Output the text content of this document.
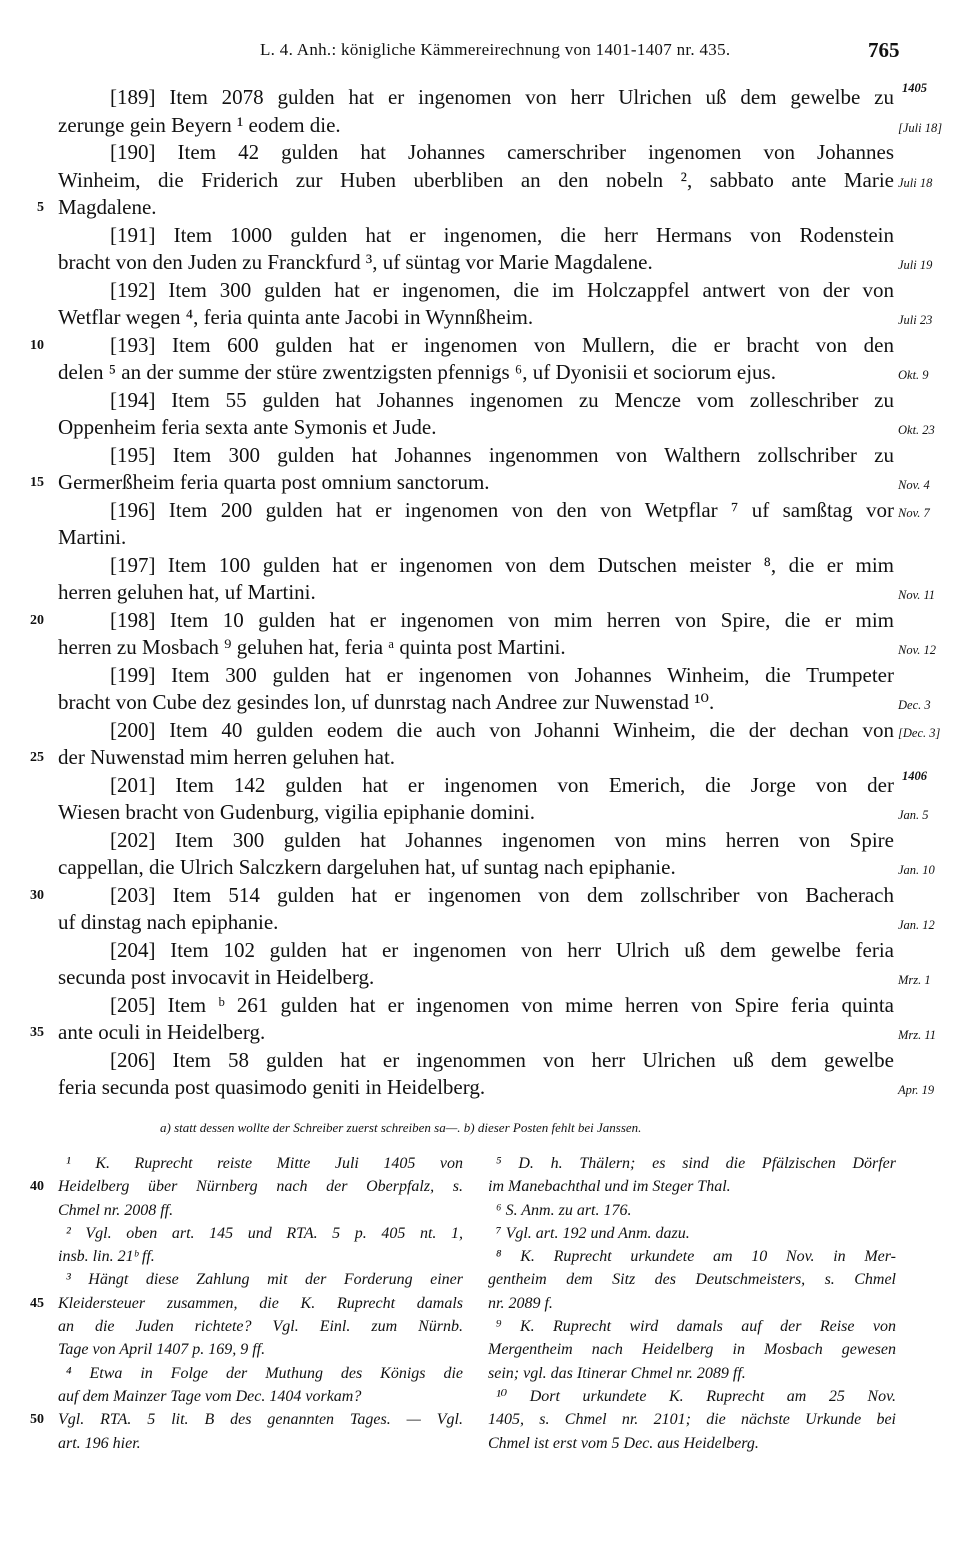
L. 4. Anh.: königliche Kämmereirechnung von 1401-1407 nr. 435.	765
[189] Item 2078 gulden hat er ingenomen von herr Ulrichen uß dem gewelbe zu 1405
zerunge gein Beyern ¹ eodem die.	[Juli 18]
[190] Item 42 gulden hat Johannes camerschriber ingenomen von Johannes
Winheim, die Friderich zur Huben uberbliben an den nobeln ², sabbato ante Marie Juli 18
5 Magdalene.
[191] Item 1000 gulden hat er ingenomen, die herr Hermans von Rodenstein
bracht von den Juden zu Franckfurd ³, uf süntag vor Marie Magdalene.	Juli 19
[192] Item 300 gulden hat er ingenomen, die im Holczappfel antwert von der von
Wetflar wegen ⁴, feria quinta ante Jacobi in Wynnßheim.	Juli 23
10	[193] Item 600 gulden hat er ingenomen von Mullern, die er bracht von den
delen ⁵ an der summe der stüre zwentzigsten pfennigs ⁶, uf Dyonisii et sociorum ejus.	Okt. 9
[194] Item 55 gulden hat Johannes ingenomen zu Mencze vom zolleschriber zu
Oppenheim feria sexta ante Symonis et Jude.	Okt. 23
[195] Item 300 gulden hat Johannes ingenommen von Walthern zollschriber zu
15 Germerßheim feria quarta post omnium sanctorum.	Nov. 4
[196] Item 200 gulden hat er ingenomen von den von Wetpflar ⁷ uf samßtag vor Nov. 7
Martini.
[197] Item 100 gulden hat er ingenomen von dem Dutschen meister ⁸, die er mim
herren geluhen hat, uf Martini.	Nov. 11
20	[198] Item 10 gulden hat er ingenomen von mim herren von Spire, die er mim
herren zu Mosbach ⁹ geluhen hat, feria ᵃ quinta post Martini.	Nov. 12
[199] Item 300 gulden hat er ingenomen von Johannes Winheim, die Trumpeter
bracht von Cube dez gesindes lon, uf dunrstag nach Andree zur Nuwenstad ¹⁰.	Dec. 3
[200] Item 40 gulden eodem die auch von Johanni Winheim, die der dechan von [Dec. 3]
25 der Nuwenstad mim herren geluhen hat.
[201] Item 142 gulden hat er ingenomen von Emerich, die Jorge von der 1406
Wiesen bracht von Gudenburg, vigilia epiphanie domini.	Jan. 5
[202] Item 300 gulden hat Johannes ingenomen von mins herren von Spire
cappellan, die Ulrich Salczkern dargeluhen hat, uf suntag nach epiphanie.	Jan. 10
30	[203] Item 514 gulden hat er ingenomen von dem zollschriber von Bacherach
uf dinstag nach epiphanie.	Jan. 12
[204] Item 102 gulden hat er ingenomen von herr Ulrich uß dem gewelbe feria
secunda post invocavit in Heidelberg.	Mrz. 1
[205] Item ᵇ 261 gulden hat er ingenomen von mime herren von Spire feria quinta
35 ante oculi in Heidelberg.	Mrz. 11
[206] Item 58 gulden hat er ingenommen von herr Ulrichen uß dem gewelbe
feria secunda post quasimodo geniti in Heidelberg.	Apr. 19
a) statt dessen wollte der Schreiber zuerst schreiben sa—. b) dieser Posten fehlt bei Janssen.
¹ K. Ruprecht reiste Mitte Juli 1405 von
40 Heidelberg über Nürnberg nach der Oberpfalz, s.
Chmel nr. 2008 ff.
² Vgl. oben art. 145 und RTA. 5 p. 405 nt. 1,
insb. lin. 21ᵇ ff.
³ Hängt diese Zahlung mit der Forderung einer
45 Kleidersteuer zusammen, die K. Ruprecht damals
an die Juden richtete? Vgl. Einl. zum Nürnb.
Tage von April 1407 p. 169, 9 ff.
⁴ Etwa in Folge der Muthung des Königs die
auf dem Mainzer Tage vom Dec. 1404 vorkam?
50 Vgl. RTA. 5 lit. B des genannten Tages. — Vgl.
art. 196 hier.
⁵ D. h. Thälern; es sind die Pfälzischen Dörfer
im Manebachthal und im Steger Thal.
⁶ S. Anm. zu art. 176.
⁷ Vgl. art. 192 und Anm. dazu.
⁸ K. Ruprecht urkundete am 10 Nov. in Mer-
gentheim dem Sitz des Deutschmeisters, s. Chmel
nr. 2089 f.
⁹ K. Ruprecht wird damals auf der Reise von
Mergentheim nach Heidelberg in Mosbach gewesen
sein; vgl. das Itinerar Chmel nr. 2089 ff.
¹⁰ Dort urkundete K. Ruprecht am 25 Nov.
1405, s. Chmel nr. 2101; die nächste Urkunde bei
Chmel ist erst vom 5 Dec. aus Heidelberg.
